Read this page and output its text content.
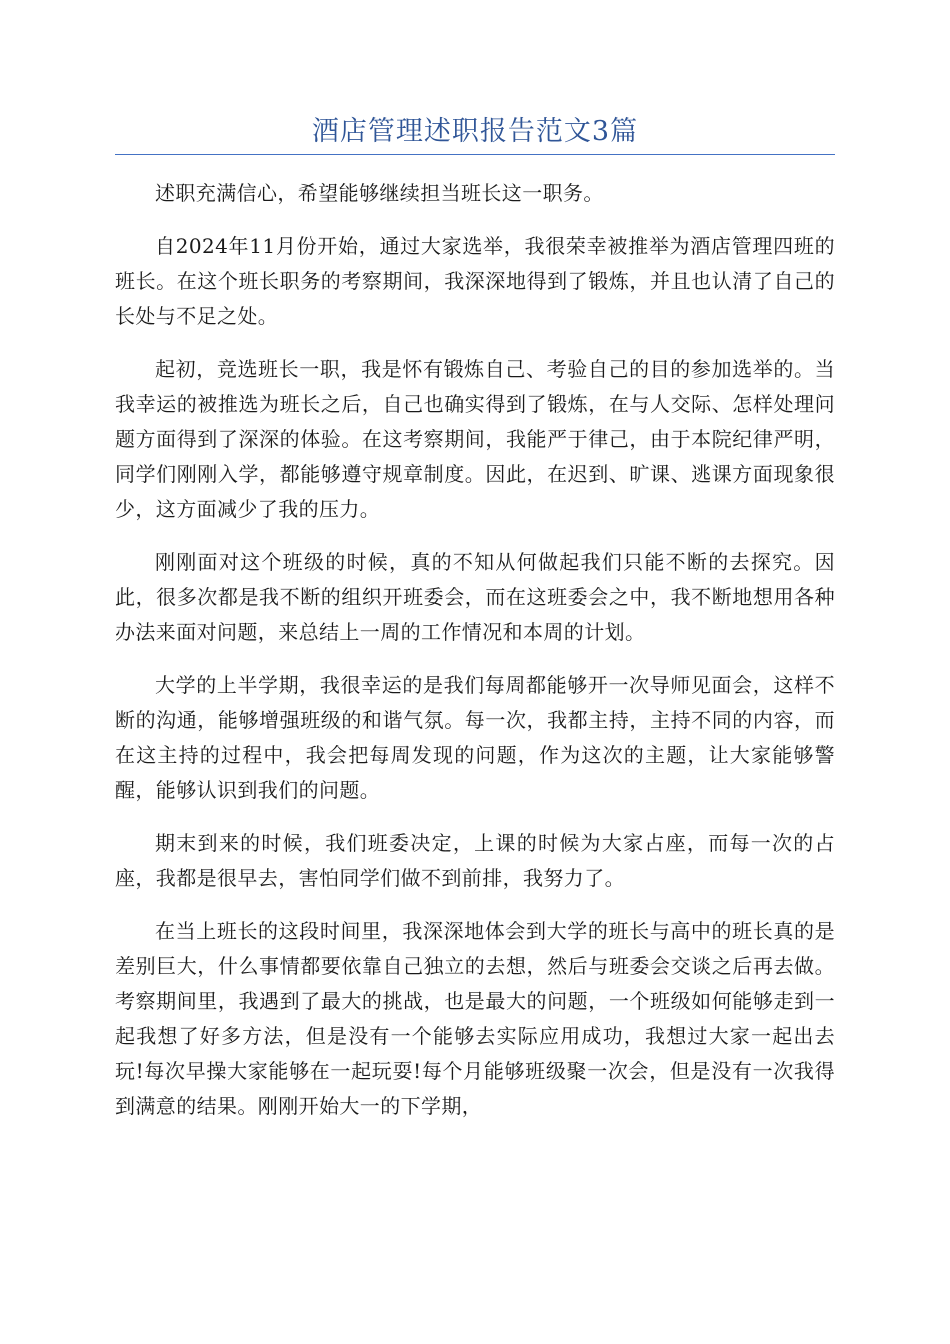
酒店管理述职报告范文3篇

述职充满信心，希望能够继续担当班长这一职务。

自2024年11月份开始，通过大家选举，我很荣幸被推举为酒店管理四班的班长。在这个班长职务的考察期间，我深深地得到了锻炼，并且也认清了自己的长处与不足之处。

起初，竞选班长一职，我是怀有锻炼自己、考验自己的目的参加选举的。当我幸运的被推选为班长之后，自己也确实得到了锻炼，在与人交际、怎样处理问题方面得到了深深的体验。在这考察期间，我能严于律己，由于本院纪律严明，同学们刚刚入学，都能够遵守规章制度。因此，在迟到、旷课、逃课方面现象很少，这方面减少了我的压力。

刚刚面对这个班级的时候，真的不知从何做起我们只能不断的去探究。因此，很多次都是我不断的组织开班委会，而在这班委会之中，我不断地想用各种办法来面对问题，来总结上一周的工作情况和本周的计划。

大学的上半学期，我很幸运的是我们每周都能够开一次导师见面会，这样不断的沟通，能够增强班级的和谐气氛。每一次，我都主持，主持不同的内容，而在这主持的过程中，我会把每周发现的问题，作为这次的主题，让大家能够警醒，能够认识到我们的问题。

期末到来的时候，我们班委决定，上课的时候为大家占座，而每一次的占座，我都是很早去，害怕同学们做不到前排，我努力了。

在当上班长的这段时间里，我深深地体会到大学的班长与高中的班长真的是差别巨大，什么事情都要依靠自己独立的去想，然后与班委会交谈之后再去做。考察期间里，我遇到了最大的挑战，也是最大的问题，一个班级如何能够走到一起我想了好多方法，但是没有一个能够去实际应用成功，我想过大家一起出去玩!每次早操大家能够在一起玩耍!每个月能够班级聚一次会，但是没有一次我得到满意的结果。刚刚开始大一的下学期，
